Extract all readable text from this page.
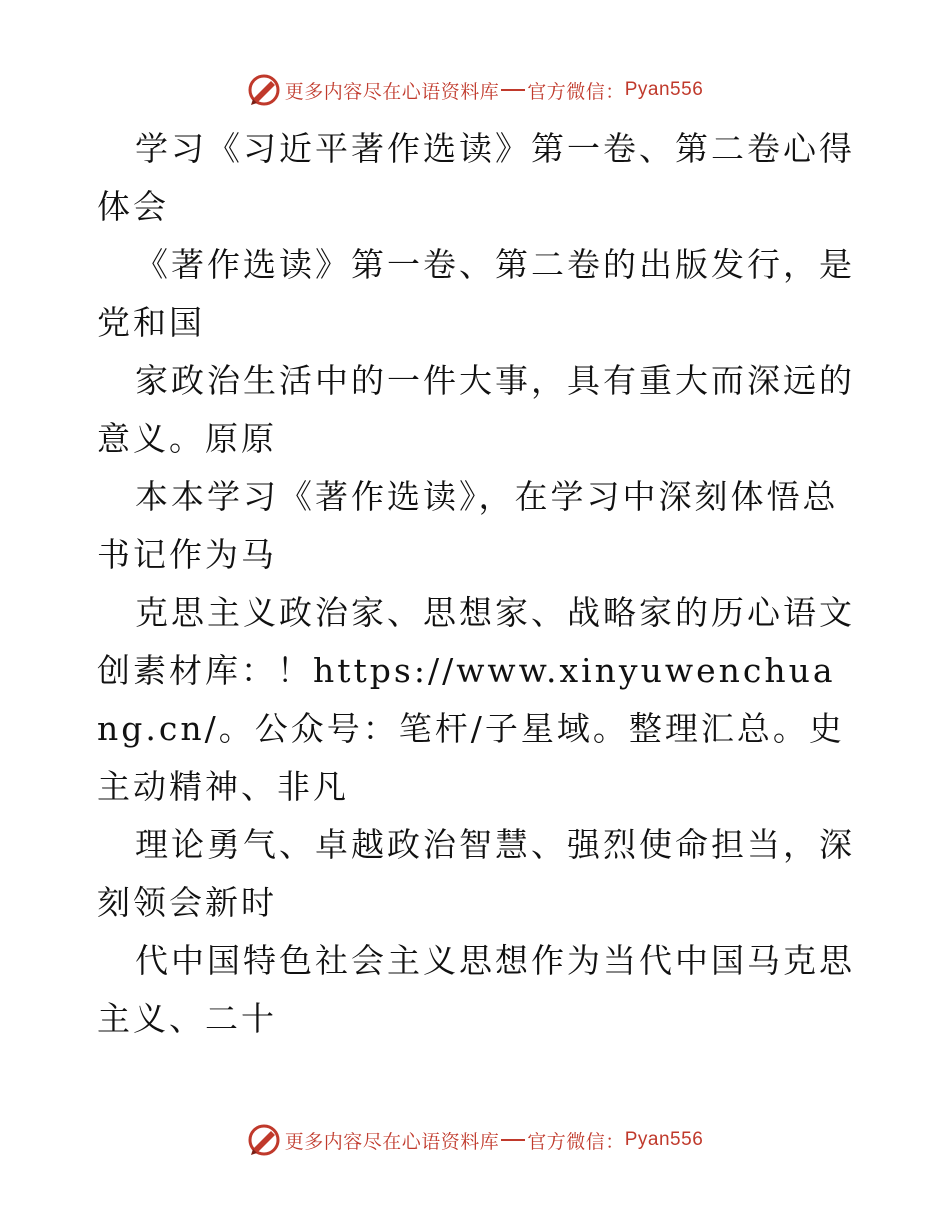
更多内容尽在心语资料库 官方微信： Pyan556

学习《习近平著作选读》第一卷、第二卷心得体会

《著作选读》第一卷、第二卷的出版发行，是党和国

家政治生活中的一件大事，具有重大而深远的意义。原原

本本学习《著作选读》，在学习中深刻体悟总书记作为马

克思主义政治家、思想家、战略家的历心语文创素材库：！https://www.xinyuwenchuang.cn/。公众号：笔杆/子星域。整理汇总。史主动精神、非凡

理论勇气、卓越政治智慧、强烈使命担当，深刻领会新时

代中国特色社会主义思想作为当代中国马克思主义、二十

更多内容尽在心语资料库 官方微信： Pyan556
